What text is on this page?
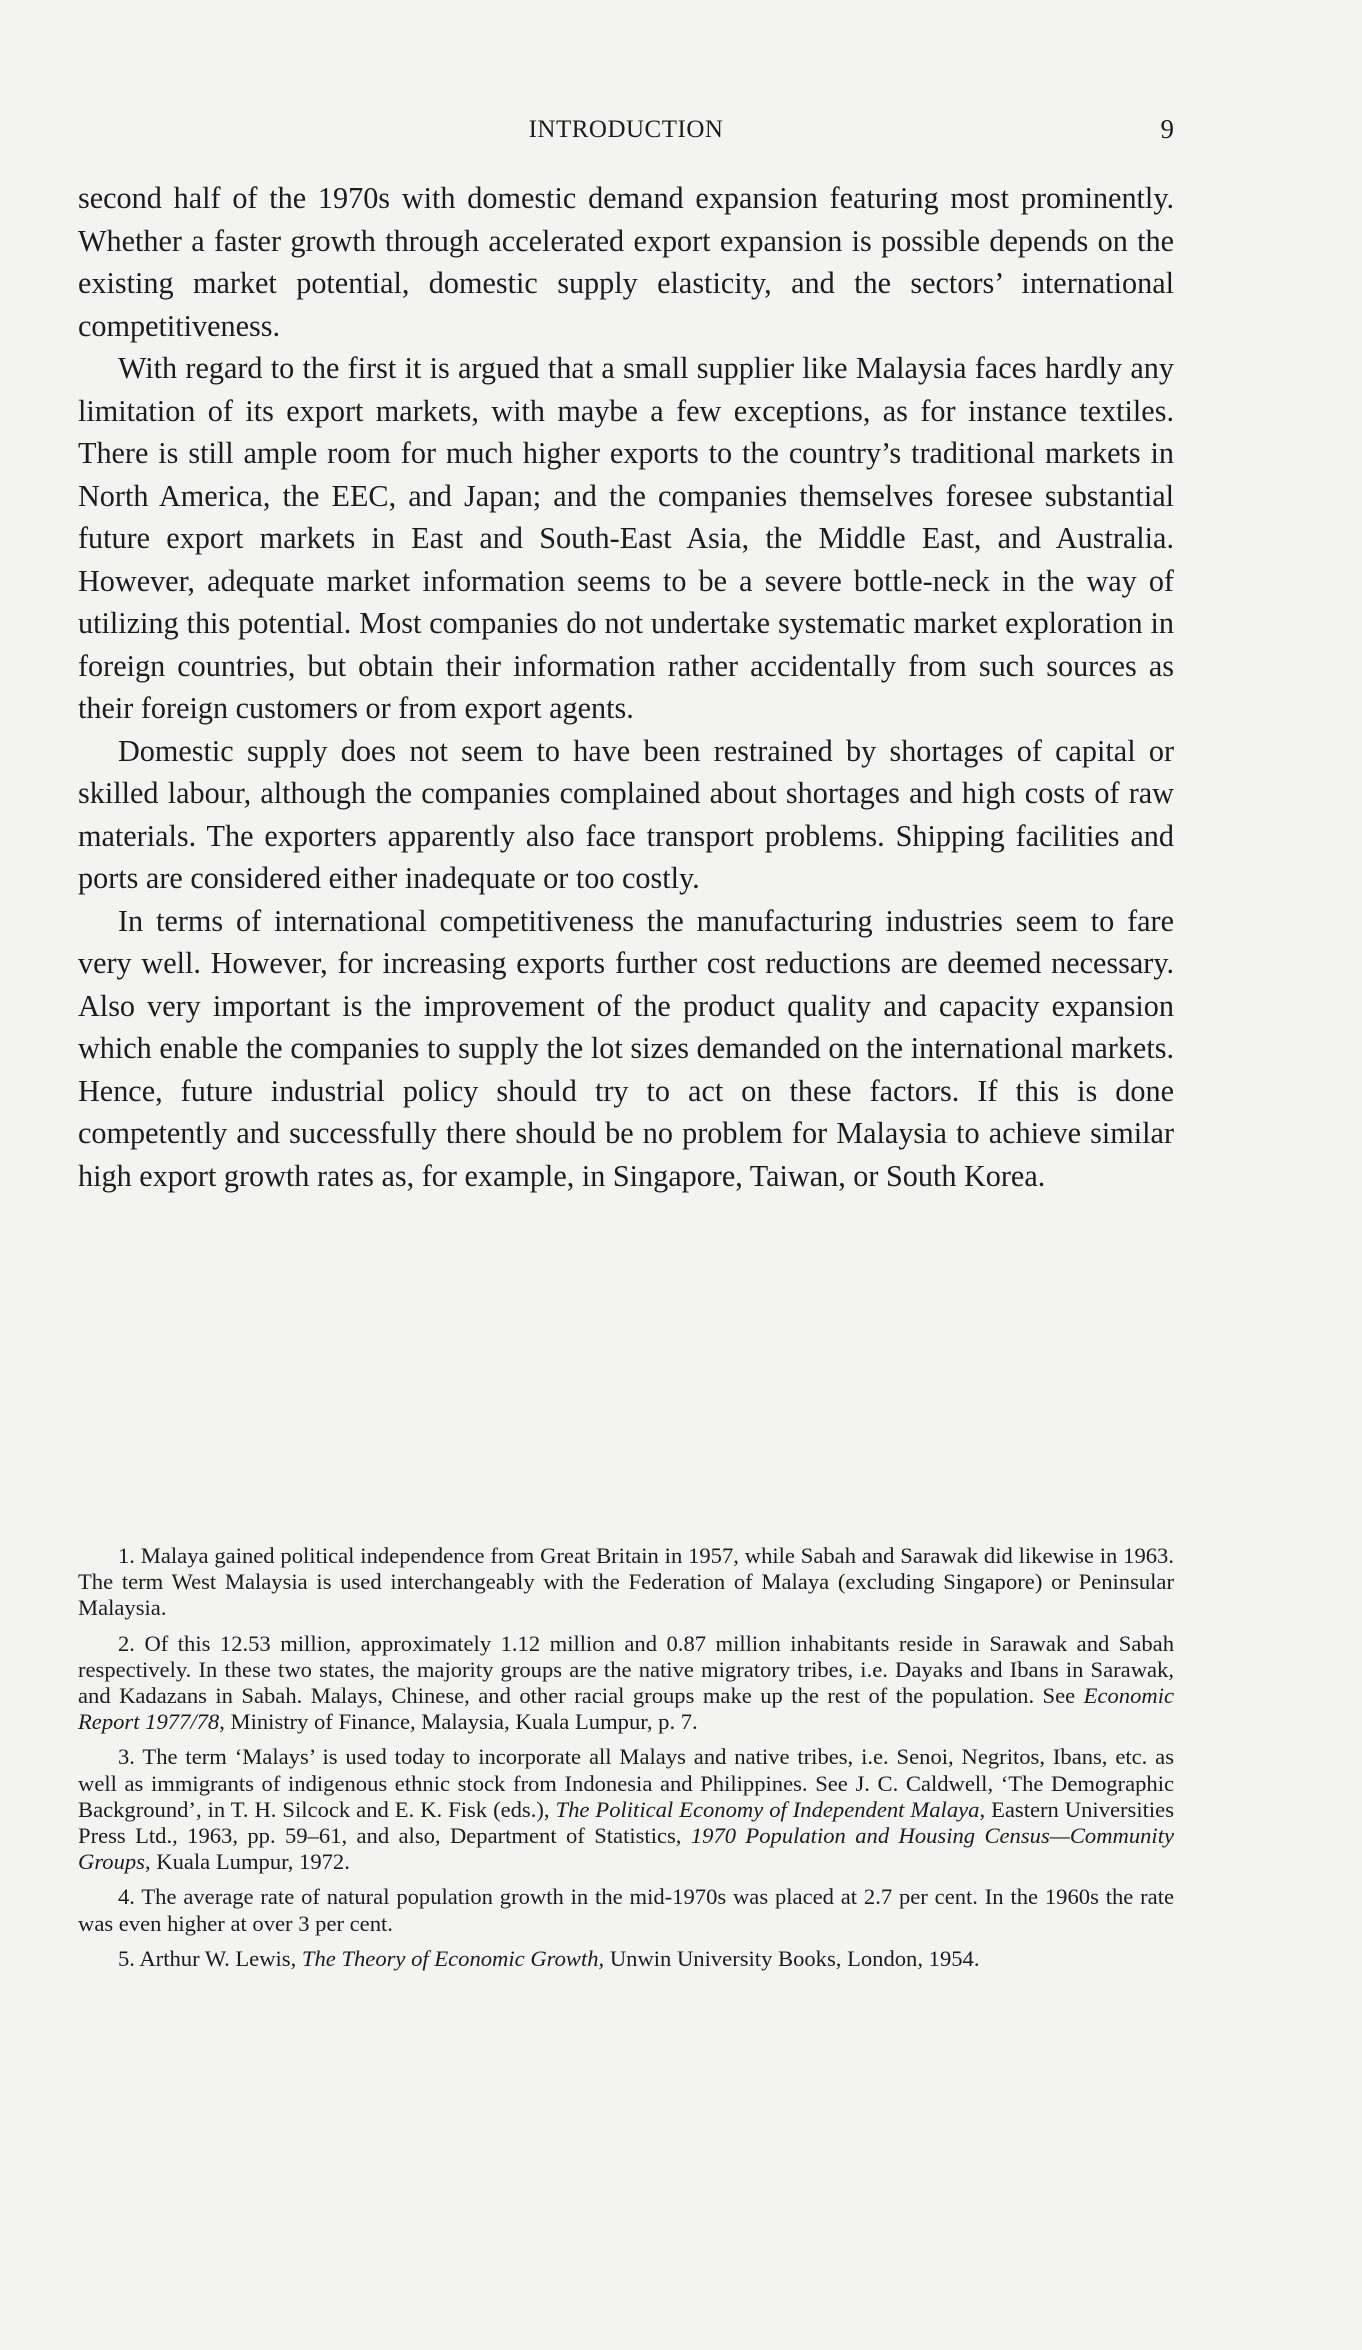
INTRODUCTION	9

second half of the 1970s with domestic demand expansion featuring most prominently. Whether a faster growth through accelerated export expansion is possible depends on the existing market potential, domestic supply elasticity, and the sectors’ international competitiveness.

With regard to the first it is argued that a small supplier like Malaysia faces hardly any limitation of its export markets, with maybe a few exceptions, as for instance textiles. There is still ample room for much higher exports to the country’s traditional markets in North America, the EEC, and Japan; and the companies themselves foresee substantial future export markets in East and South-East Asia, the Middle East, and Australia. However, adequate market information seems to be a severe bottle-neck in the way of utilizing this potential. Most companies do not undertake systematic market exploration in foreign countries, but obtain their information rather accidentally from such sources as their foreign customers or from export agents.

Domestic supply does not seem to have been restrained by shortages of capital or skilled labour, although the companies complained about shortages and high costs of raw materials. The exporters apparently also face transport problems. Shipping facilities and ports are considered either inadequate or too costly.

In terms of international competitiveness the manufacturing industries seem to fare very well. However, for increasing exports further cost reductions are deemed necessary. Also very important is the improvement of the product quality and capacity expansion which enable the companies to supply the lot sizes demanded on the international markets. Hence, future industrial policy should try to act on these factors. If this is done competently and successfully there should be no problem for Malaysia to achieve similar high export growth rates as, for example, in Singapore, Taiwan, or South Korea.

1. Malaya gained political independence from Great Britain in 1957, while Sabah and Sarawak did likewise in 1963. The term West Malaysia is used interchangeably with the Federation of Malaya (excluding Singapore) or Peninsular Malaysia.

2. Of this 12.53 million, approximately 1.12 million and 0.87 million inhabitants reside in Sarawak and Sabah respectively. In these two states, the majority groups are the native migratory tribes, i.e. Dayaks and Ibans in Sarawak, and Kadazans in Sabah. Malays, Chinese, and other racial groups make up the rest of the population. See Economic Report 1977/78, Ministry of Finance, Malaysia, Kuala Lumpur, p. 7.

3. The term ‘Malays’ is used today to incorporate all Malays and native tribes, i.e. Senoi, Negritos, Ibans, etc. as well as immigrants of indigenous ethnic stock from Indonesia and Philippines. See J. C. Caldwell, ‘The Demographic Background’, in T. H. Silcock and E. K. Fisk (eds.), The Political Economy of Independent Malaya, Eastern Universities Press Ltd., 1963, pp. 59–61, and also, Department of Statistics, 1970 Population and Housing Census—Community Groups, Kuala Lumpur, 1972.

4. The average rate of natural population growth in the mid-1970s was placed at 2.7 per cent. In the 1960s the rate was even higher at over 3 per cent.

5. Arthur W. Lewis, The Theory of Economic Growth, Unwin University Books, London, 1954.
